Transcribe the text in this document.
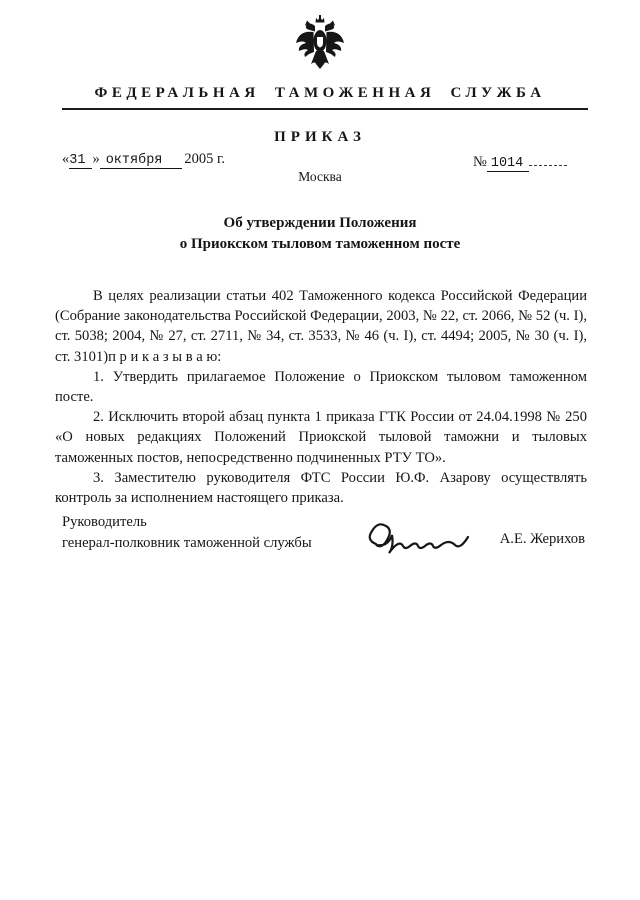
ФЕДЕРАЛЬНАЯ ТАМОЖЕННАЯ СЛУЖБА
ПРИКАЗ
«31 » октября 2005 г.	№ 1014
Москва
Об утверждении Положения
о Приокском тыловом таможенном посте

В целях реализации статьи 402 Таможенного кодекса Российской Федерации (Собрание законодательства Российской Федерации, 2003, № 22, ст. 2066, № 52 (ч. I), ст. 5038; 2004, № 27, ст. 2711, № 34, ст. 3533, № 46 (ч. I), ст. 4494; 2005, № 30 (ч. I), ст. 3101)п р и к а з ы в а ю:

1. Утвердить прилагаемое Положение о Приокском тыловом таможенном посте.

2. Исключить второй абзац пункта 1 приказа ГТК России от 24.04.1998 № 250 «О новых редакциях Положений Приокской тыловой таможни и тыловых таможенных постов, непосредственно подчиненных РТУ ТО».

3. Заместителю руководителя ФТС России Ю.Ф. Азарову осуществлять контроль за исполнением настоящего приказа.

Руководитель
генерал-полковник таможенной службы	А.Е. Жерихов
